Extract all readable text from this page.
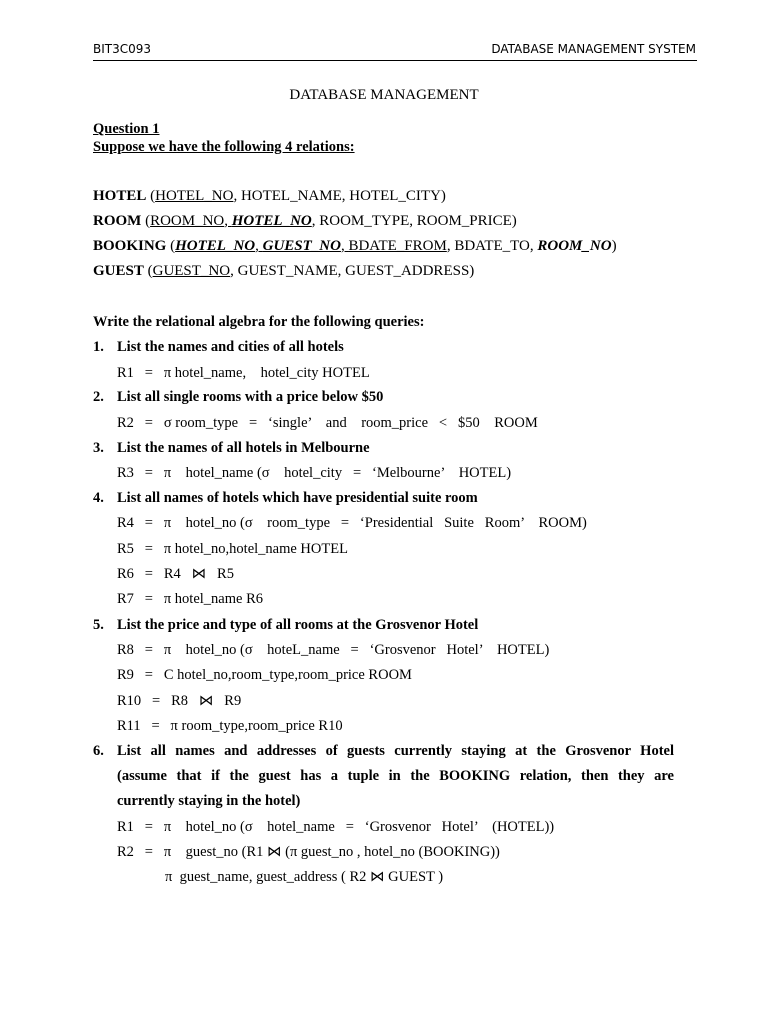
BIT3C093	DATABASE MANAGEMENT SYSTEM
DATABASE MANAGEMENT
Question 1
Suppose we have the following 4 relations:
HOTEL (HOTEL_NO, HOTEL_NAME, HOTEL_CITY)
ROOM (ROOM_NO, HOTEL_NO, ROOM_TYPE, ROOM_PRICE)
BOOKING (HOTEL_NO, GUEST_NO, BDATE_FROM, BDATE_TO, ROOM_NO)
GUEST (GUEST_NO, GUEST_NAME, GUEST_ADDRESS)
Write the relational algebra for the following queries:
1. List the names and cities of all hotels
R1   =   π hotel_name,    hotel_city HOTEL
2. List all single rooms with a price below $50
R2   =   σ room_type   =   ‘single’    and    room_price   <   $50    ROOM
3. List the names of all hotels in Melbourne
R3   =   π    hotel_name (σ    hotel_city   =   ‘Melbourne’    HOTEL)
4. List all names of hotels which have presidential suite room
R4   =   π    hotel_no (σ    room_type   =   ‘Presidential   Suite   Room’    ROOM)
R5   =   π hotel_no,hotel_name HOTEL
R6   =   R4   ⋈   R5
R7   =   π hotel_name R6
5. List the price and type of all rooms at the Grosvenor Hotel
R8   =   π    hotel_no (σ    hoteL_name   =   ‘Grosvenor   Hotel’    HOTEL)
R9   =   C hotel_no,room_type,room_price ROOM
R10   =   R8   ⋈   R9
R11   =   π room_type,room_price R10
6. List all names and addresses of guests currently staying at the Grosvenor Hotel
(assume that if the guest has a tuple in the BOOKING relation, then they are
currently staying in the hotel)
R1   =   π    hotel_no (σ    hotel_name   =   ‘Grosvenor   Hotel’    (HOTEL))
R2   =   π    guest_no (R1 ⋈ (π guest_no , hotel_no (BOOKING))
π  guest_name, guest_address ( R2 ⋈ GUEST )
